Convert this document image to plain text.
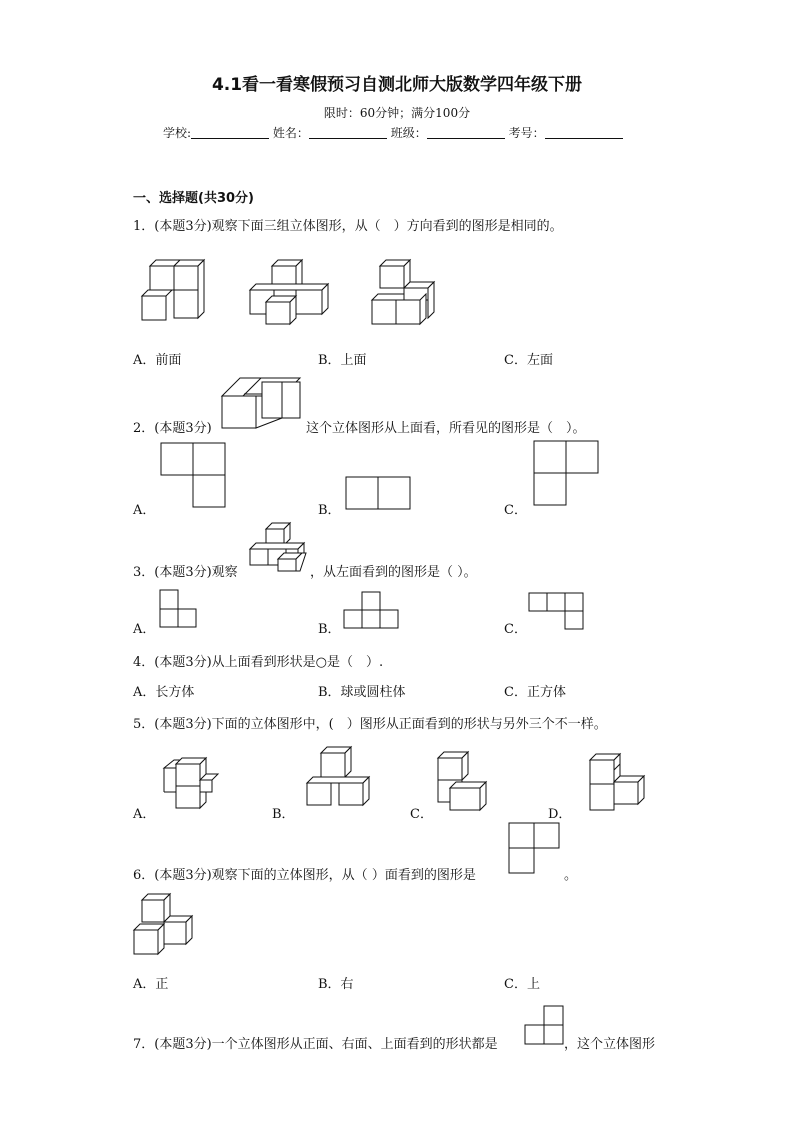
4.1看一看寒假预习自测北师大版数学四年级下册
限时：60分钟；满分100分
学校:	姓名：	班级：	考号：
一、选择题(共30分)
1．(本题3分)观察下面三组立体图形，从（　）方向看到的图形是相同的。
A．前面	B．上面	C．左面
2．(本题3分)	这个立体图形从上面看，所看见的图形是（　）。
A．	B．	C．
3．(本题3分)观察	，从左面看到的图形是（ ）。
A．	B．	C．
4．(本题3分)从上面看到形状是○是（　）.
A．长方体	B．球或圆柱体	C．正方体
5．(本题3分)下面的立体图形中，(　）图形从正面看到的形状与另外三个不一样。
A．	B．	C．	D．
6．(本题3分)观察下面的立体图形，从（ ）面看到的图形是	。
A．正	B．右	C．上
7．(本题3分)一个立体图形从正面、右面、上面看到的形状都是	，这个立体图形
